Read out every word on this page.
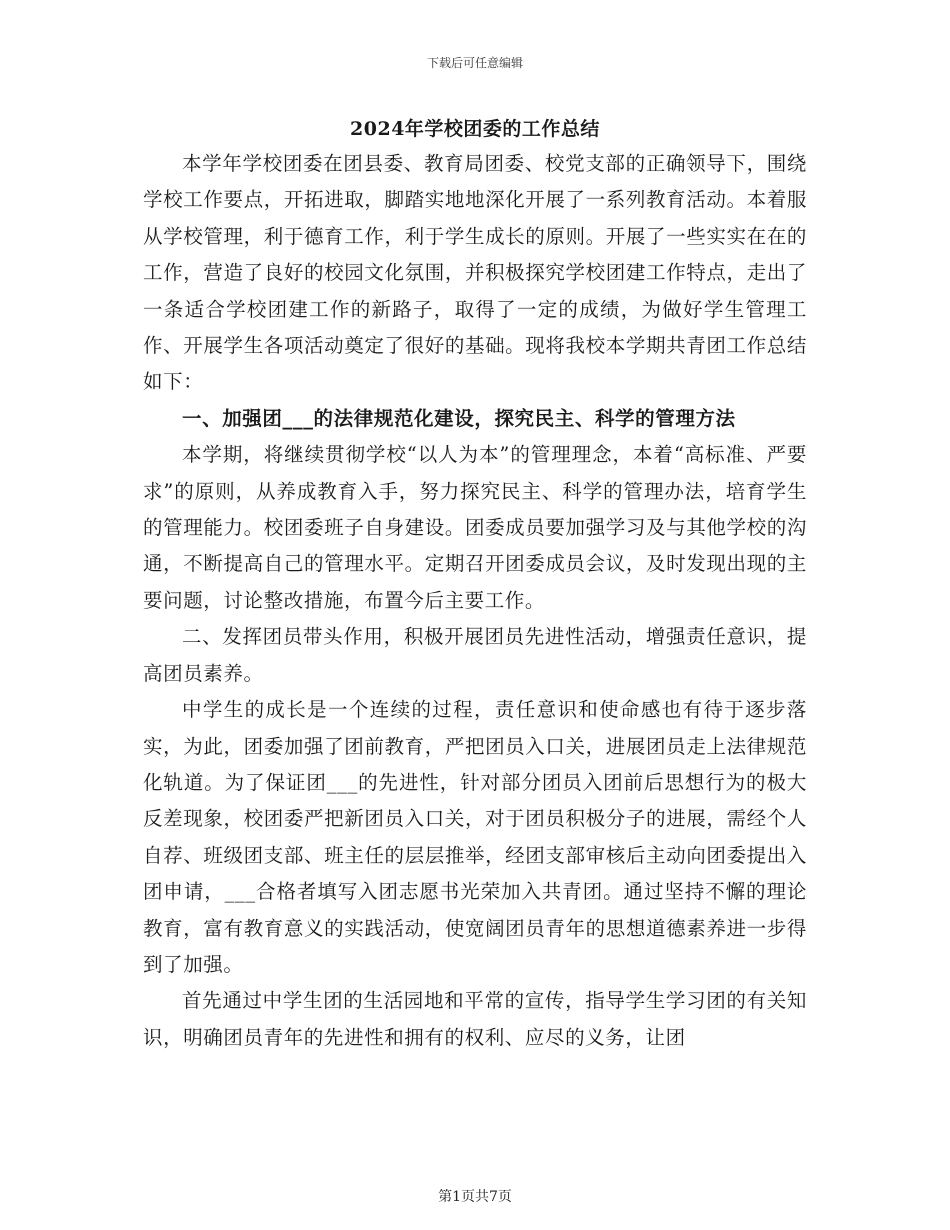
下载后可任意编辑
2024年学校团委的工作总结

本学年学校团委在团县委、教育局团委、校党支部的正确领导下，围绕学校工作要点，开拓进取，脚踏实地地深化开展了一系列教育活动。本着服从学校管理，利于德育工作，利于学生成长的原则。开展了一些实实在在的工作，营造了良好的校园文化氛围，并积极探究学校团建工作特点，走出了一条适合学校团建工作的新路子，取得了一定的成绩，为做好学生管理工作、开展学生各项活动奠定了很好的基础。现将我校本学期共青团工作总结如下：

一、加强团___的法律规范化建设，探究民主、科学的管理方法

本学期，将继续贯彻学校“以人为本”的管理理念，本着“高标准、严要求”的原则，从养成教育入手，努力探究民主、科学的管理办法，培育学生的管理能力。校团委班子自身建设。团委成员要加强学习及与其他学校的沟通，不断提高自己的管理水平。定期召开团委成员会议，及时发现出现的主要问题，讨论整改措施，布置今后主要工作。

二、发挥团员带头作用，积极开展团员先进性活动，增强责任意识，提高团员素养。

中学生的成长是一个连续的过程，责任意识和使命感也有待于逐步落实，为此，团委加强了团前教育，严把团员入口关，进展团员走上法律规范化轨道。为了保证团___的先进性，针对部分团员入团前后思想行为的极大反差现象，校团委严把新团员入口关，对于团员积极分子的进展，需经个人自荐、班级团支部、班主任的层层推举，经团支部审核后主动向团委提出入团申请，___合格者填写入团志愿书光荣加入共青团。通过坚持不懈的理论教育，富有教育意义的实践活动，使宽阔团员青年的思想道德素养进一步得到了加强。

首先通过中学生团的生活园地和平常的宣传，指导学生学习团的有关知识，明确团员青年的先进性和拥有的权利、应尽的义务，让团

第1页共7页
